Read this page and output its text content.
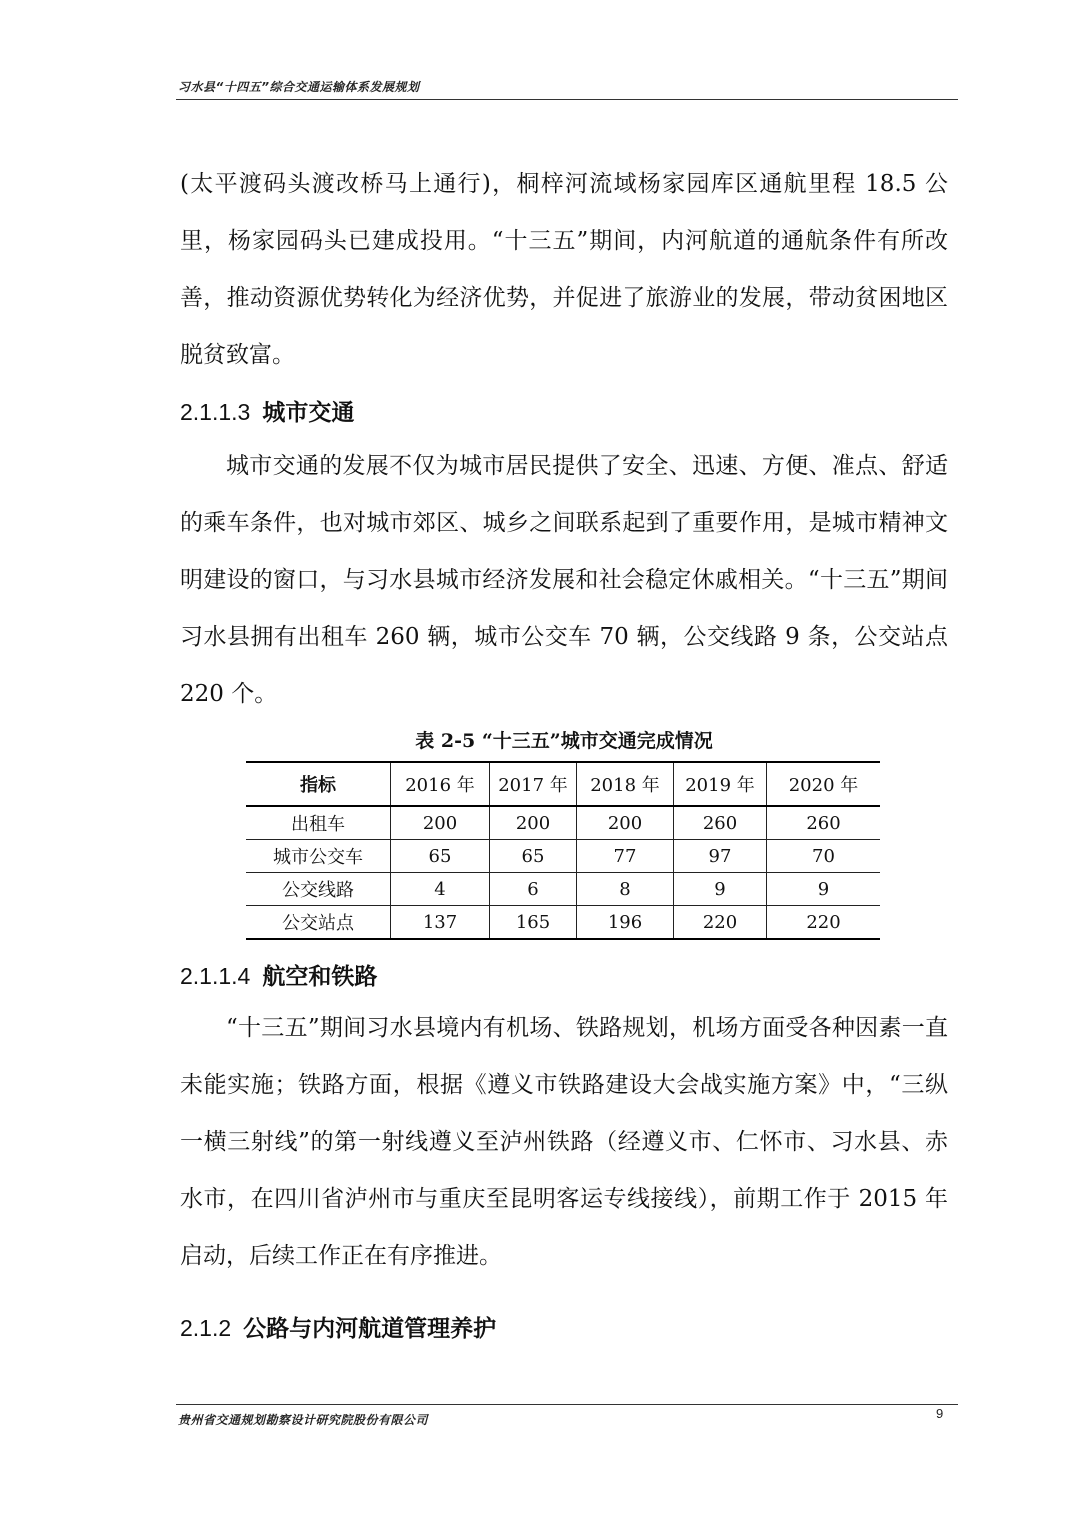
习水县“十四五”综合交通运输体系发展规划

(太平渡码头渡改桥马上通行)，桐梓河流域杨家园库区通航里程 18.5 公里，杨家园码头已建成投用。“十三五”期间，内河航道的通航条件有所改善，推动资源优势转化为经济优势，并促进了旅游业的发展，带动贫困地区脱贫致富。

2.1.1.3 城市交通

城市交通的发展不仅为城市居民提供了安全、迅速、方便、准点、舒适的乘车条件，也对城市郊区、城乡之间联系起到了重要作用，是城市精神文明建设的窗口，与习水县城市经济发展和社会稳定休戚相关。“十三五”期间习水县拥有出租车 260 辆，城市公交车 70 辆，公交线路 9 条，公交站点 220 个。

表 2-5 “十三五”城市交通完成情况
指标	2016 年	2017 年	2018 年	2019 年	2020 年
出租车	200	200	200	260	260
城市公交车	65	65	77	97	70
公交线路	4	6	8	9	9
公交站点	137	165	196	220	220
2.1.1.4 航空和铁路

“十三五”期间习水县境内有机场、铁路规划，机场方面受各种因素一直未能实施；铁路方面，根据《遵义市铁路建设大会战实施方案》中，“三纵一横三射线”的第一射线遵义至泸州铁路（经遵义市、仁怀市、习水县、赤水市，在四川省泸州市与重庆至昆明客运专线接线），前期工作于 2015 年启动，后续工作正在有序推进。

2.1.2 公路与内河航道管理养护
贵州省交通规划勘察设计研究院股份有限公司	9
